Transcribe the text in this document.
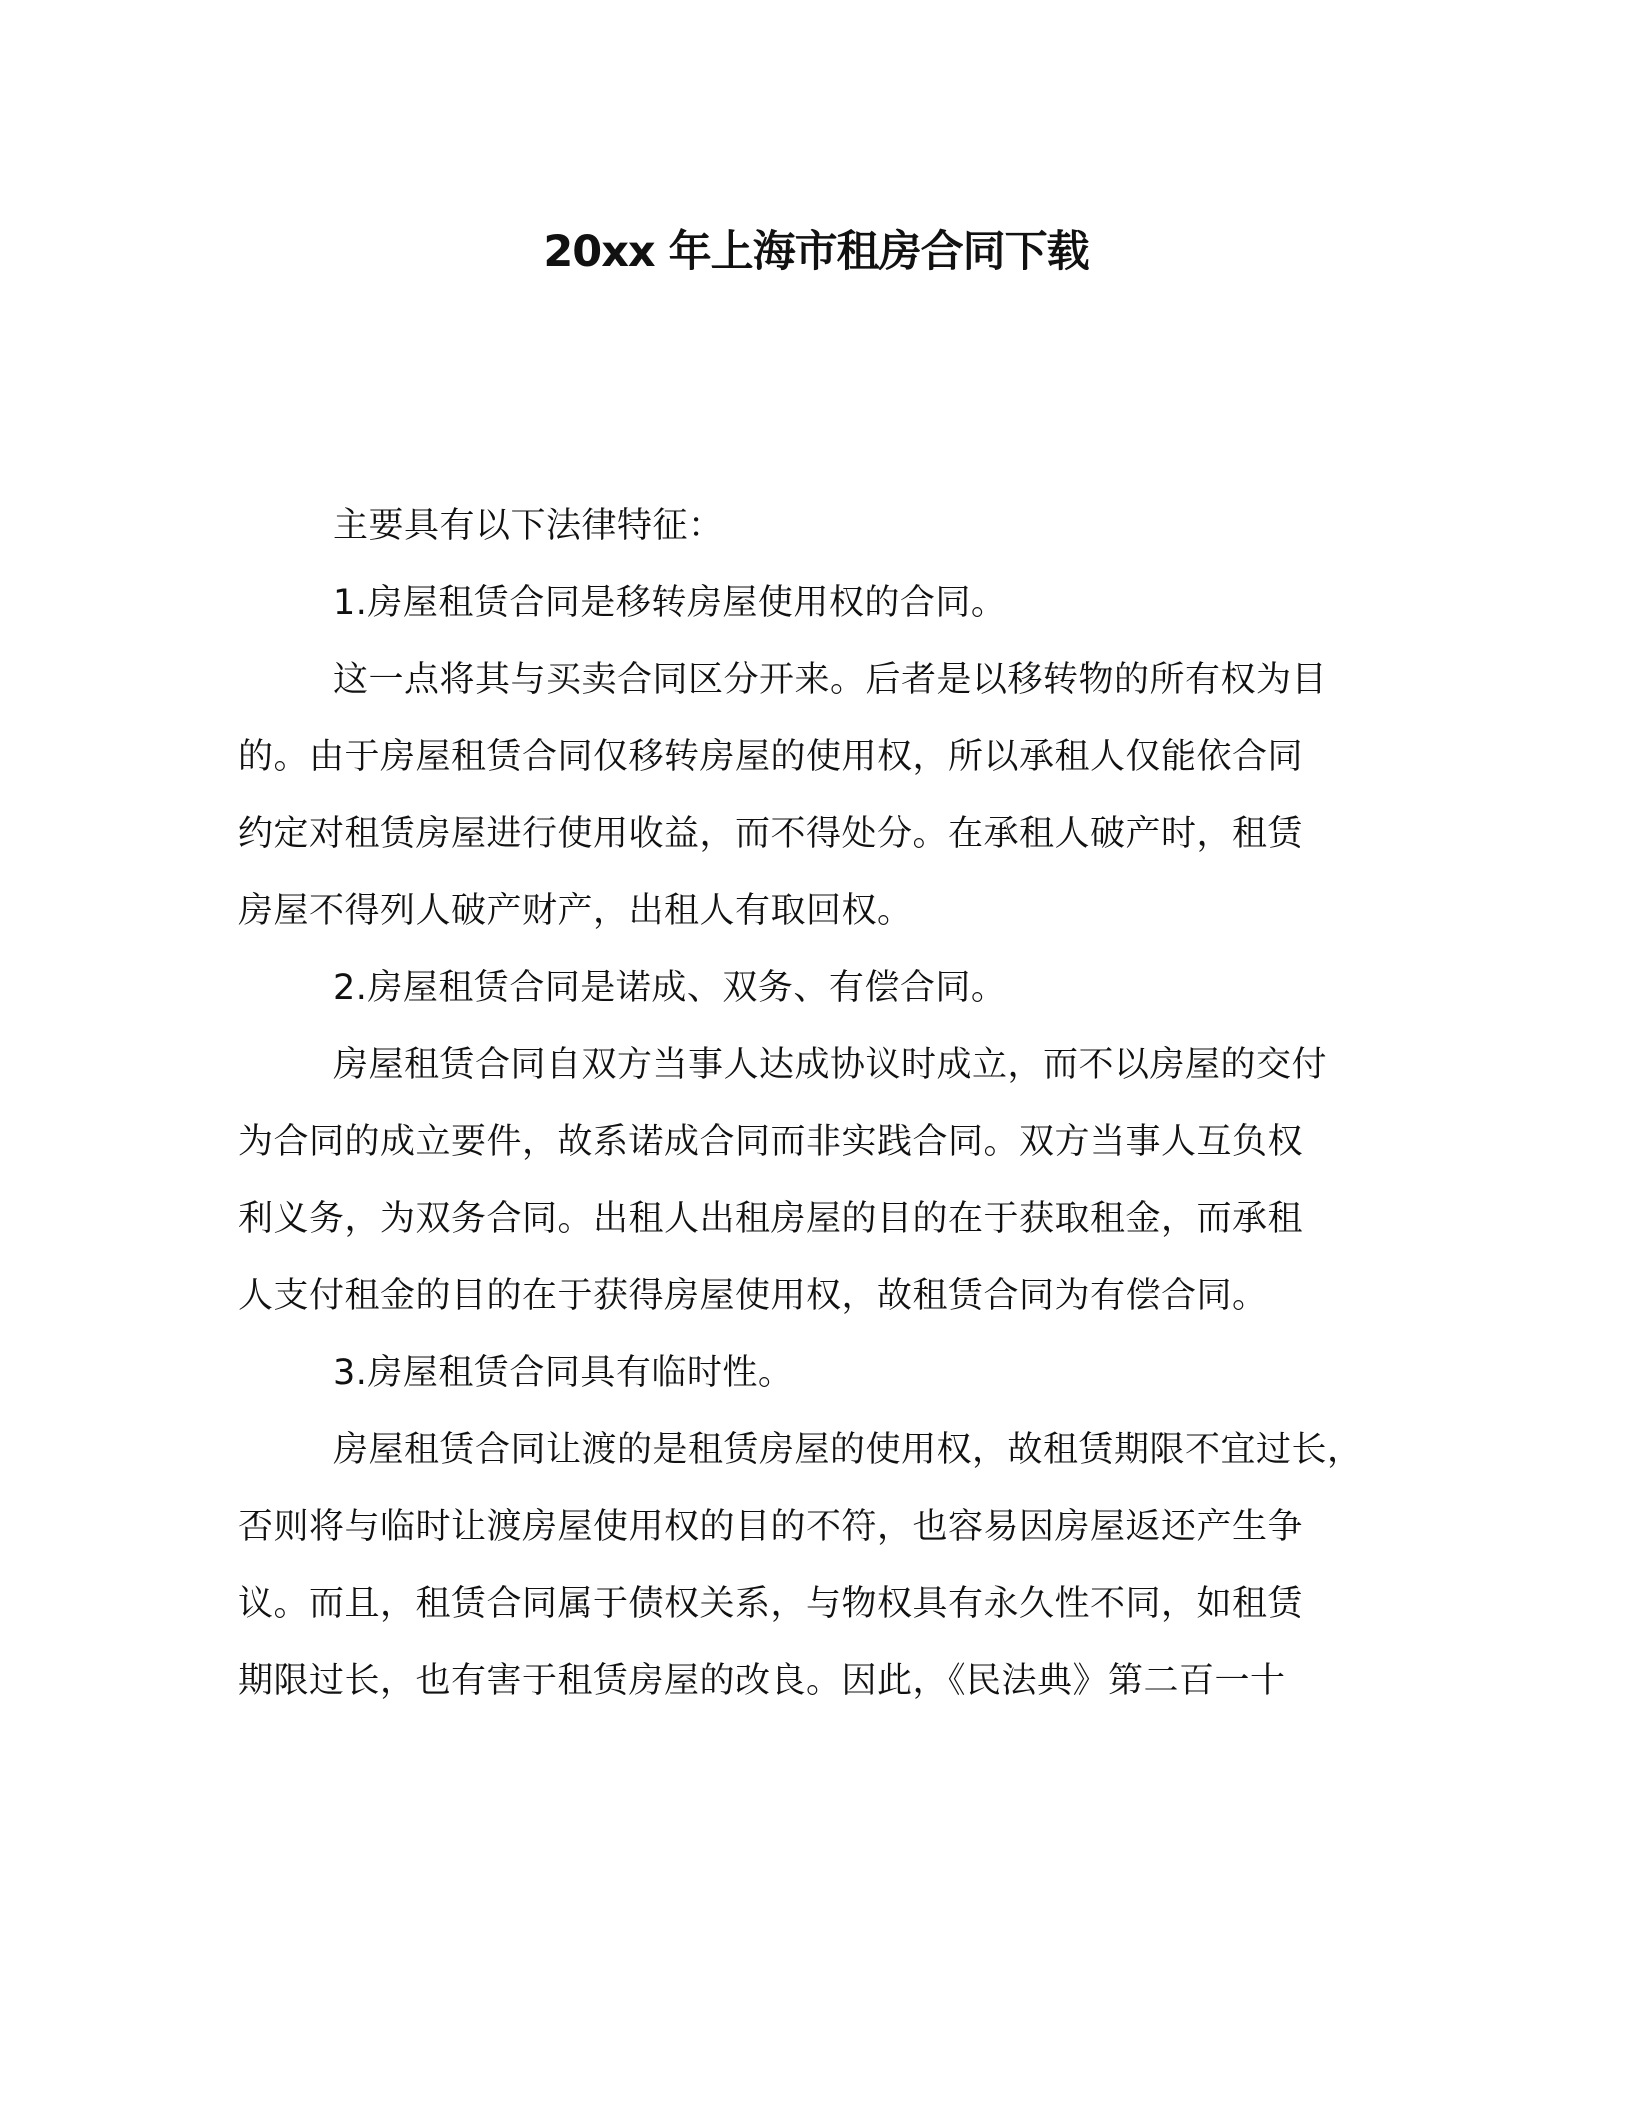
20xx 年上海市租房合同下载
主要具有以下法律特征：
1.房屋租赁合同是移转房屋使用权的合同。
这一点将其与买卖合同区分开来。后者是以移转物的所有权为目
的。由于房屋租赁合同仅移转房屋的使用权，所以承租人仅能依合同
约定对租赁房屋进行使用收益，而不得处分。在承租人破产时，租赁
房屋不得列人破产财产，出租人有取回权。
2.房屋租赁合同是诺成、双务、有偿合同。
房屋租赁合同自双方当事人达成协议时成立，而不以房屋的交付
为合同的成立要件，故系诺成合同而非实践合同。双方当事人互负权
利义务，为双务合同。出租人出租房屋的目的在于获取租金，而承租
人支付租金的目的在于获得房屋使用权，故租赁合同为有偿合同。
3.房屋租赁合同具有临时性。
房屋租赁合同让渡的是租赁房屋的使用权，故租赁期限不宜过长，
否则将与临时让渡房屋使用权的目的不符，也容易因房屋返还产生争
议。而且，租赁合同属于债权关系，与物权具有永久性不同，如租赁
期限过长，也有害于租赁房屋的改良。因此，《民法典》第二百一十
